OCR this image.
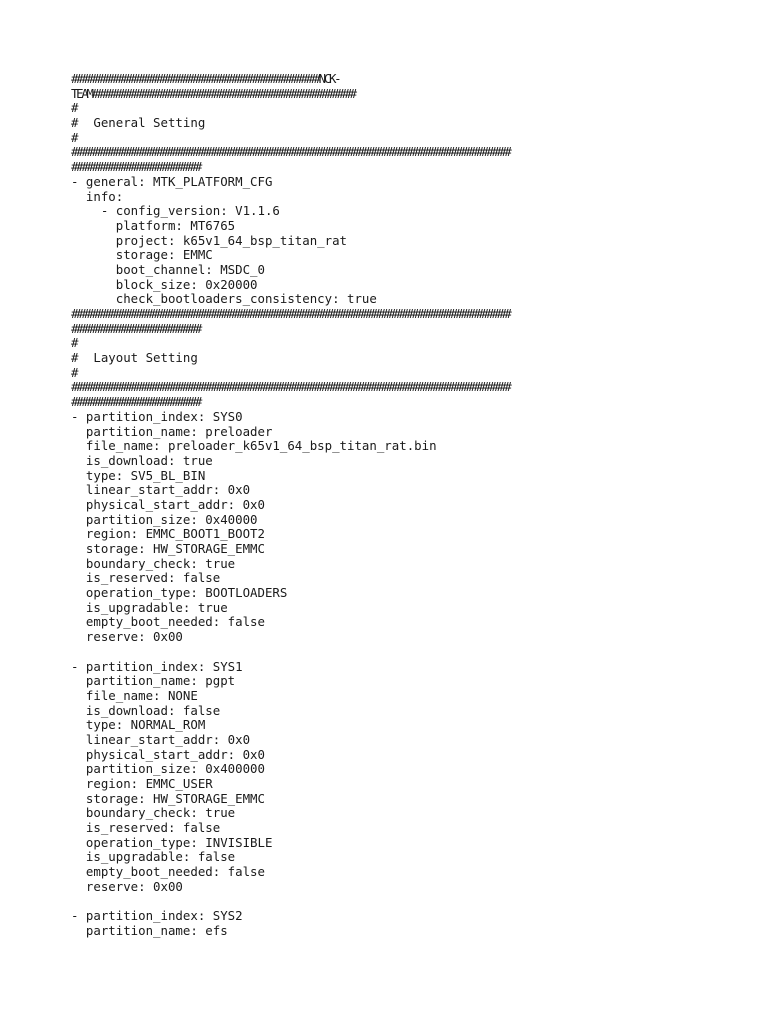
################################################NCK-
TEAM###################################################
#
#  General Setting
#
#####################################################################################
#########################
- general: MTK_PLATFORM_CFG
info:
- config_version: V1.1.6
platform: MT6765
project: k65v1_64_bsp_titan_rat
storage: EMMC
boot_channel: MSDC_0
block_size: 0x20000
check_bootloaders_consistency: true
#####################################################################################
#########################
#
#  Layout Setting
#
#####################################################################################
#########################
- partition_index: SYS0
partition_name: preloader
file_name: preloader_k65v1_64_bsp_titan_rat.bin
is_download: true
type: SV5_BL_BIN
linear_start_addr: 0x0
physical_start_addr: 0x0
partition_size: 0x40000
region: EMMC_BOOT1_BOOT2
storage: HW_STORAGE_EMMC
boundary_check: true
is_reserved: false
operation_type: BOOTLOADERS
is_upgradable: true
empty_boot_needed: false
reserve: 0x00
- partition_index: SYS1
partition_name: pgpt
file_name: NONE
is_download: false
type: NORMAL_ROM
linear_start_addr: 0x0
physical_start_addr: 0x0
partition_size: 0x400000
region: EMMC_USER
storage: HW_STORAGE_EMMC
boundary_check: true
is_reserved: false
operation_type: INVISIBLE
is_upgradable: false
empty_boot_needed: false
reserve: 0x00
- partition_index: SYS2
partition_name: efs
